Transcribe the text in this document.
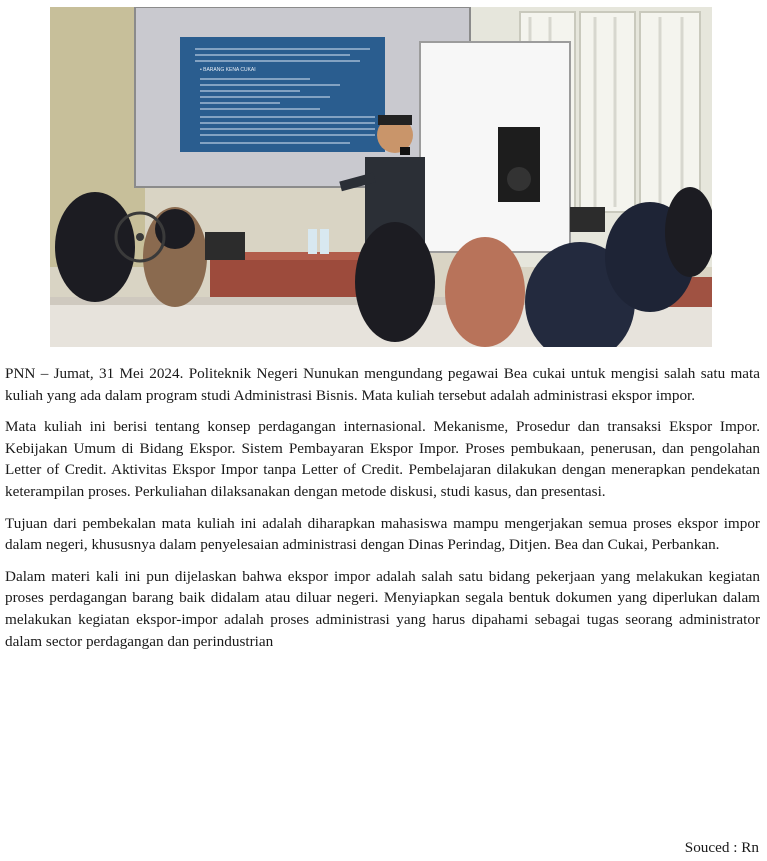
• BARANG KENA CUKAI

PNN – Jumat, 31 Mei 2024. Politeknik Negeri Nunukan mengundang pegawai Bea cukai untuk mengisi salah satu mata kuliah yang ada dalam program studi Administrasi Bisnis. Mata kuliah tersebut adalah administrasi ekspor impor.

Mata kuliah ini berisi tentang konsep perdagangan internasional. Mekanisme, Prosedur dan transaksi Ekspor Impor. Kebijakan Umum di Bidang Ekspor. Sistem Pembayaran Ekspor Impor. Proses pembukaan, penerusan, dan pengolahan Letter of Credit. Aktivitas Ekspor Impor tanpa Letter of Credit. Pembelajaran dilakukan dengan menerapkan pendekatan keterampilan proses. Perkuliahan dilaksanakan dengan metode diskusi, studi kasus, dan presentasi.

Tujuan dari pembekalan mata kuliah ini adalah diharapkan mahasiswa mampu mengerjakan semua proses ekspor impor dalam negeri, khususnya dalam penyelesaian administrasi dengan Dinas Perindag, Ditjen. Bea dan Cukai, Perbankan.

Dalam materi kali ini pun dijelaskan bahwa ekspor impor adalah salah satu bidang pekerjaan yang melakukan kegiatan proses perdagangan barang baik didalam atau diluar negeri. Menyiapkan segala bentuk dokumen yang diperlukan dalam melakukan kegiatan ekspor-impor adalah proses administrasi yang harus dipahami sebagai tugas seorang administrator dalam sector perdagangan dan perindustrian

Souced : Rn
